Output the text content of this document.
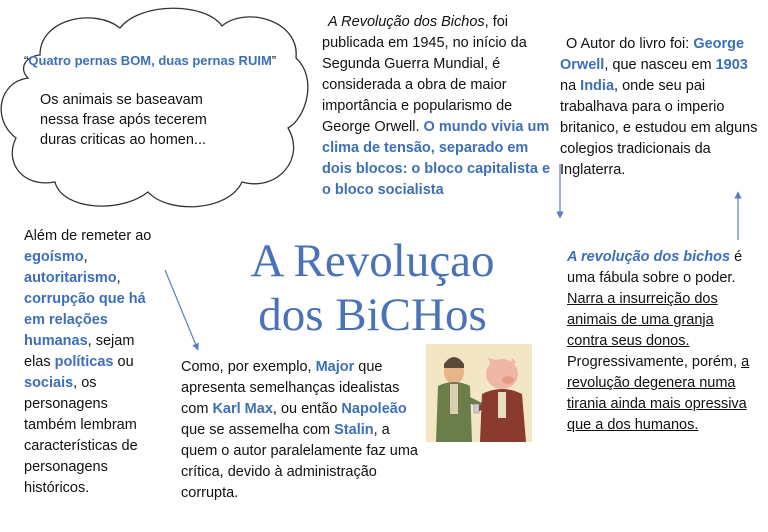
“Quatro pernas BOM, duas pernas RUIM”
Os animais se baseavam nessa frase após tecerem duras criticas ao homen...
A Revolução dos Bichos, foi publicada em 1945, no início da Segunda Guerra Mundial, é considerada a obra de maior importância e popularismo de George Orwell. O mundo vivia um clima de tensão, separado em dois blocos: o bloco capitalista e o bloco socialista
O Autor do livro foi: George Orwell, que nasceu em 1903 na India, onde seu pai trabalhava para o imperio britanico, e estudou em alguns colegios tradicionais da Inglaterra.
Além de remeter ao egoísmo, autoritarismo, corrupção que há em relações humanas, sejam elas políticas ou sociais, os personagens também lembram características de personagens históricos.
A Revoluçao
dos BiCHos
Como, por exemplo, Major que apresenta semelhanças idealistas com Karl Max, ou então Napoleão que se assemelha com Stalin, a quem o autor paralelamente faz uma crítica, devido à administração corrupta.
A revolução dos bichos é uma fábula sobre o poder. Narra a insurreição dos animais de uma granja contra seus donos. Progressivamente, porém, a revolução degenera numa tirania ainda mais opressiva que a dos humanos.
